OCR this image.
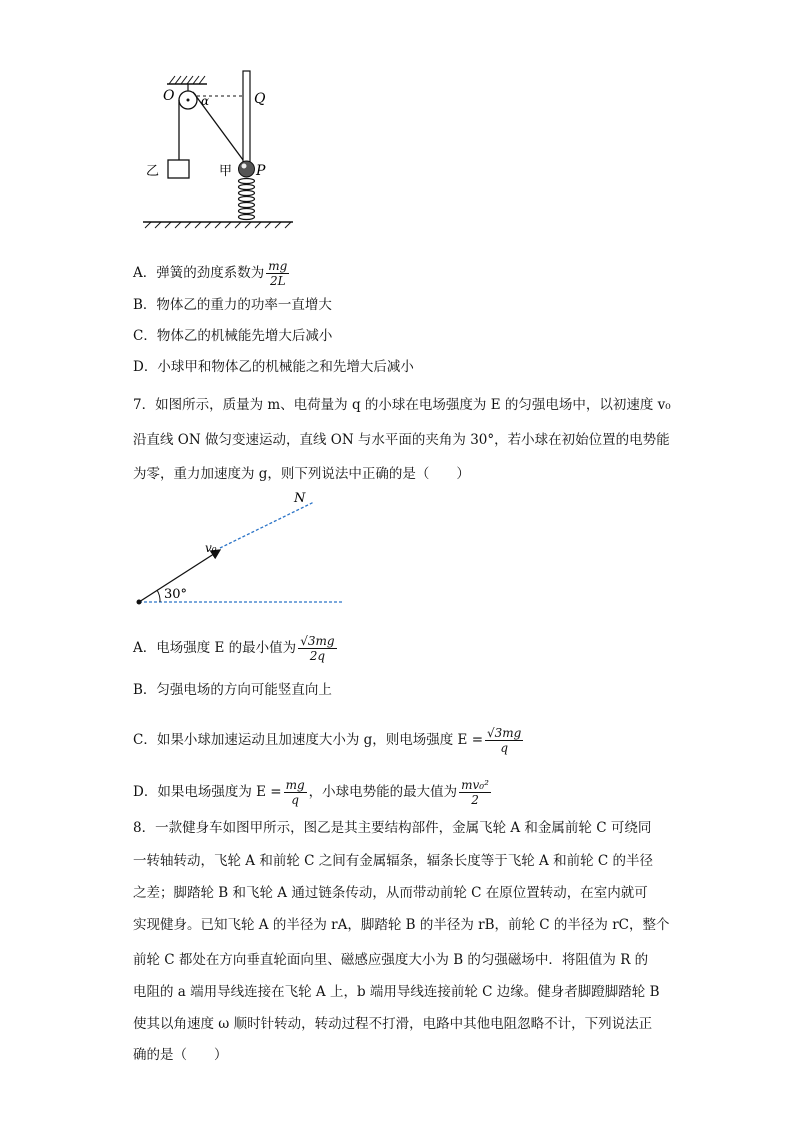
O α	Q
乙	甲 P
A．弹簧的劲度系数为 $\frac{mg}{2L}$
B．物体乙的重力的功率一直增大
C．物体乙的机械能先增大后减小
D．小球甲和物体乙的机械能之和先增大后减小
7．如图所示，质量为 m、电荷量为 q 的小球在电场强度为 E 的匀强电场中，以初速度 v₀
沿直线 ON 做匀变速运动，直线 ON 与水平面的夹角为 30°，若小球在初始位置的电势能
为零，重力加速度为 g，则下列说法中正确的是（　　）
30°
v₀
N
A．电场强度 E 的最小值为 $\frac{√3mg}{2q}$
B．匀强电场的方向可能竖直向上
C．如果小球加速运动且加速度大小为 g，则电场强度 $E = \frac{√3mg}{q}$
D．如果电场强度为 $E = \frac{mg}{q}$ ，小球电势能的最大值为 $\frac{\text{mv₀²}}{2}$
8．一款健身车如图甲所示，图乙是其主要结构部件，金属飞轮 A 和金属前轮 C 可绕同
一转轴转动，飞轮 A 和前轮 C 之间有金属辐条，辐条长度等于飞轮 A 和前轮 C 的半径
之差；脚踏轮 B 和飞轮 A 通过链条传动，从而带动前轮 C 在原位置转动，在室内就可
实现健身。已知飞轮 A 的半径为 rA，脚踏轮 B 的半径为 rB，前轮 C 的半径为 rC，整个
前轮 C 都处在方向垂直轮面向里、磁感应强度大小为 B 的匀强磁场中．将阻值为 R 的
电阻的 a 端用导线连接在飞轮 A 上，b 端用导线连接前轮 C 边缘。健身者脚蹬脚踏轮 B
使其以角速度 ω 顺时针转动，转动过程不打滑，电路中其他电阻忽略不计，下列说法正
确的是（　　）
